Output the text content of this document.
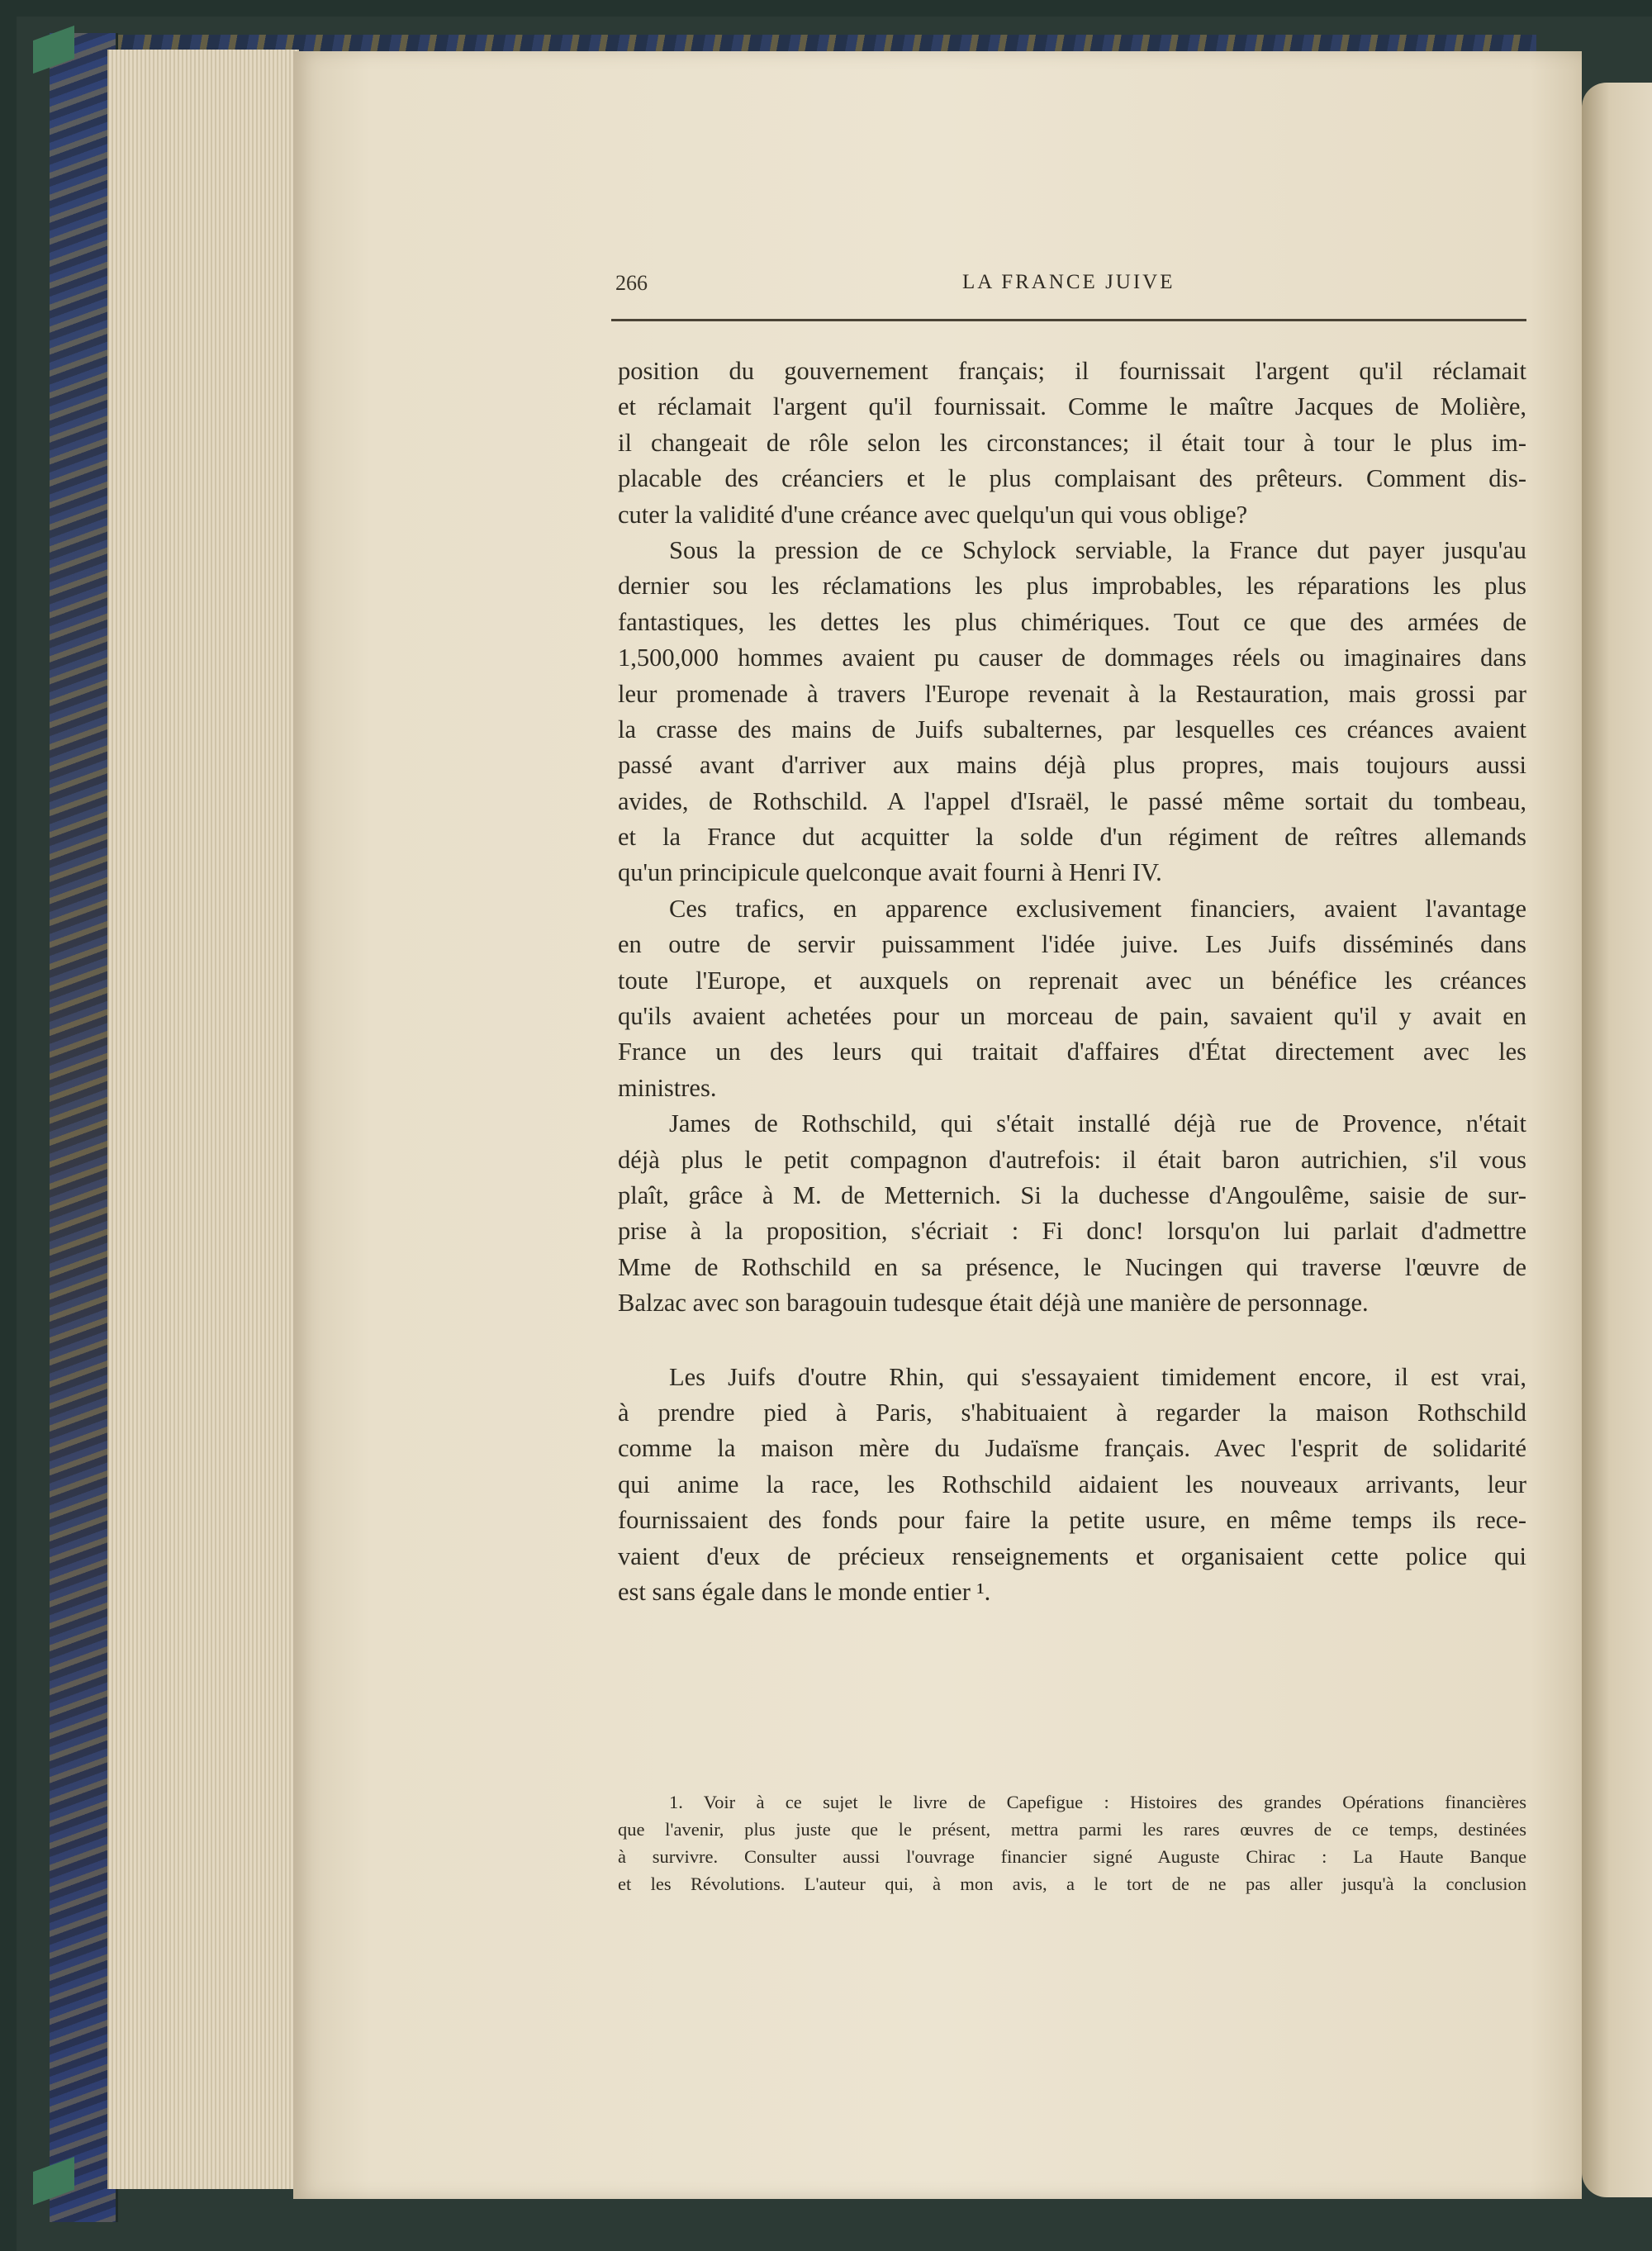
266	LA FRANCE JUIVE
position du gouvernement français; il fournissait l'argent qu'il réclamait
et réclamait l'argent qu'il fournissait. Comme le maître Jacques de Molière,
il changeait de rôle selon les circonstances; il était tour à tour le plus im-
placable des créanciers et le plus complaisant des prêteurs. Comment dis-
cuter la validité d'une créance avec quelqu'un qui vous oblige?
Sous la pression de ce Schylock serviable, la France dut payer jusqu'au
dernier sou les réclamations les plus improbables, les réparations les plus
fantastiques, les dettes les plus chimériques. Tout ce que des armées de
1,500,000 hommes avaient pu causer de dommages réels ou imaginaires dans
leur promenade à travers l'Europe revenait à la Restauration, mais grossi par
la crasse des mains de Juifs subalternes, par lesquelles ces créances avaient
passé avant d'arriver aux mains déjà plus propres, mais toujours aussi
avides, de Rothschild. A l'appel d'Israël, le passé même sortait du tombeau,
et la France dut acquitter la solde d'un régiment de reîtres allemands
qu'un principicule quelconque avait fourni à Henri IV.
Ces trafics, en apparence exclusivement financiers, avaient l'avantage
en outre de servir puissamment l'idée juive. Les Juifs disséminés dans
toute l'Europe, et auxquels on reprenait avec un bénéfice les créances
qu'ils avaient achetées pour un morceau de pain, savaient qu'il y avait en
France un des leurs qui traitait d'affaires d'État directement avec les
ministres.
James de Rothschild, qui s'était installé déjà rue de Provence, n'était
déjà plus le petit compagnon d'autrefois: il était baron autrichien, s'il vous
plaît, grâce à M. de Metternich. Si la duchesse d'Angoulême, saisie de sur-
prise à la proposition, s'écriait : Fi donc! lorsqu'on lui parlait d'admettre
Mme de Rothschild en sa présence, le Nucingen qui traverse l'œuvre de
Balzac avec son baragouin tudesque était déjà une manière de personnage.
Les Juifs d'outre Rhin, qui s'essayaient timidement encore, il est vrai,
à prendre pied à Paris, s'habituaient à regarder la maison Rothschild
comme la maison mère du Judaïsme français. Avec l'esprit de solidarité
qui anime la race, les Rothschild aidaient les nouveaux arrivants, leur
fournissaient des fonds pour faire la petite usure, en même temps ils rece-
vaient d'eux de précieux renseignements et organisaient cette police qui
est sans égale dans le monde entier ¹.
1. Voir à ce sujet le livre de Capefigue : Histoires des grandes Opérations financières
que l'avenir, plus juste que le présent, mettra parmi les rares œuvres de ce temps, destinées
à survivre. Consulter aussi l'ouvrage financier signé Auguste Chirac : La Haute Banque
et les Révolutions. L'auteur qui, à mon avis, a le tort de ne pas aller jusqu'à la conclusion
